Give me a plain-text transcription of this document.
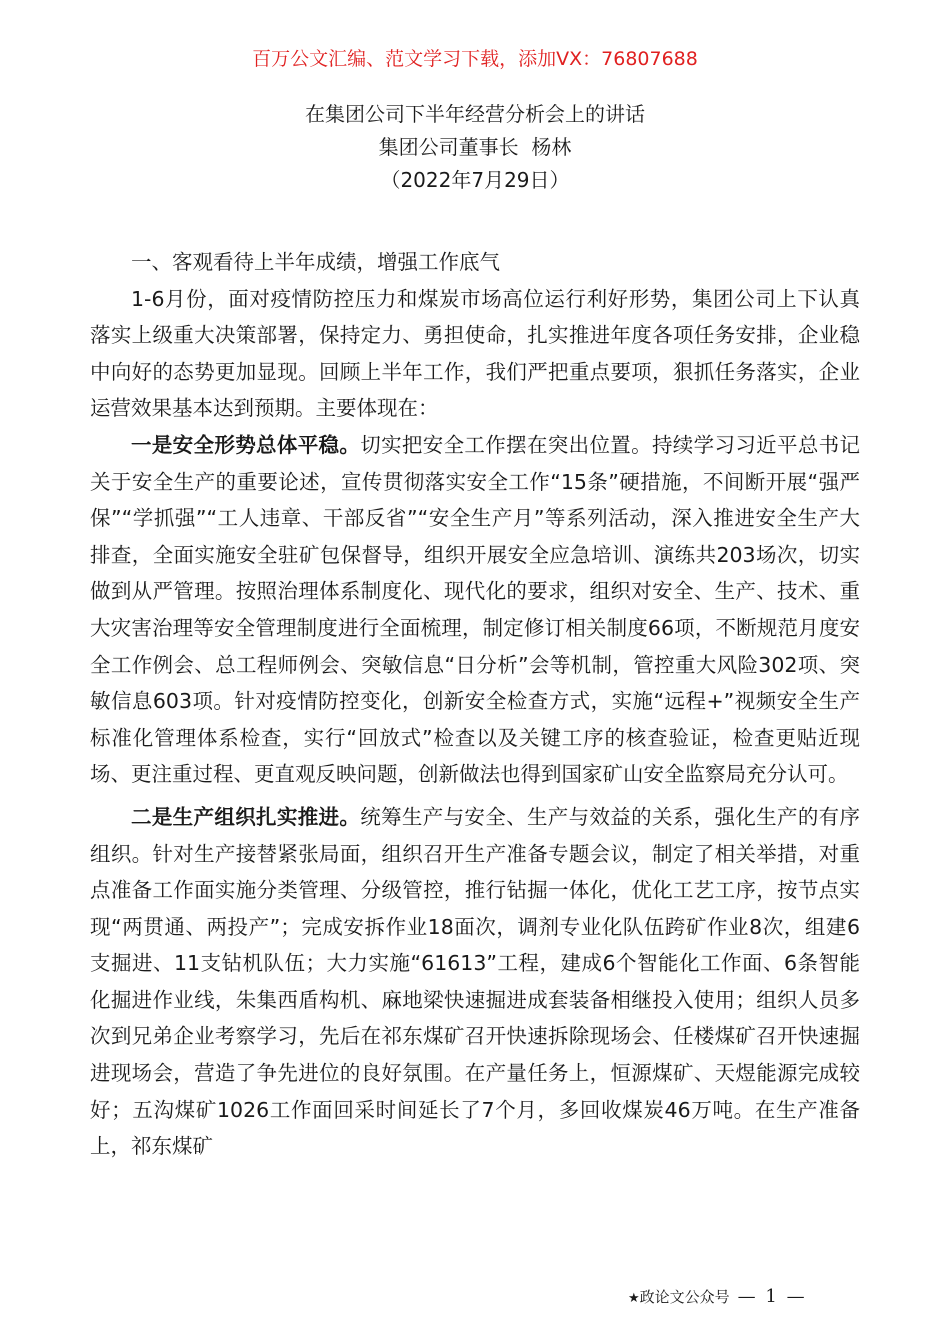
百万公文汇编、范文学习下载，添加VX：76807688
在集团公司下半年经营分析会上的讲话
集团公司董事长  杨林
（2022年7月29日）

一、客观看待上半年成绩，增强工作底气

1-6月份，面对疫情防控压力和煤炭市场高位运行利好形势，集团公司上下认真落实上级重大决策部署，保持定力、勇担使命，扎实推进年度各项任务安排，企业稳中向好的态势更加显现。回顾上半年工作，我们严把重点要项，狠抓任务落实，企业运营效果基本达到预期。主要体现在：

一是安全形势总体平稳。切实把安全工作摆在突出位置。持续学习习近平总书记关于安全生产的重要论述，宣传贯彻落实安全工作“15条”硬措施，不间断开展“强严保”“学抓强”“工人违章、干部反省”“安全生产月”等系列活动，深入推进安全生产大排查，全面实施安全驻矿包保督导，组织开展安全应急培训、演练共203场次，切实做到从严管理。按照治理体系制度化、现代化的要求，组织对安全、生产、技术、重大灾害治理等安全管理制度进行全面梳理，制定修订相关制度66项，不断规范月度安全工作例会、总工程师例会、突敏信息“日分析”会等机制，管控重大风险302项、突敏信息603项。针对疫情防控变化，创新安全检查方式，实施“远程+”视频安全生产标准化管理体系检查，实行“回放式”检查以及关键工序的核查验证，检查更贴近现场、更注重过程、更直观反映问题，创新做法也得到国家矿山安全监察局充分认可。

二是生产组织扎实推进。统筹生产与安全、生产与效益的关系，强化生产的有序组织。针对生产接替紧张局面，组织召开生产准备专题会议，制定了相关举措，对重点准备工作面实施分类管理、分级管控，推行钻掘一体化，优化工艺工序，按节点实现“两贯通、两投产”；完成安拆作业18面次，调剂专业化队伍跨矿作业8次，组建6支掘进、11支钻机队伍；大力实施“61613”工程，建成6个智能化工作面、6条智能化掘进作业线，朱集西盾构机、麻地梁快速掘进成套装备相继投入使用；组织人员多次到兄弟企业考察学习，先后在祁东煤矿召开快速拆除现场会、任楼煤矿召开快速掘进现场会，营造了争先进位的良好氛围。在产量任务上，恒源煤矿、天煜能源完成较好；五沟煤矿1026工作面回采时间延长了7个月，多回收煤炭46万吨。在生产准备上，祁东煤矿

★政论文公众号 — 1 —
